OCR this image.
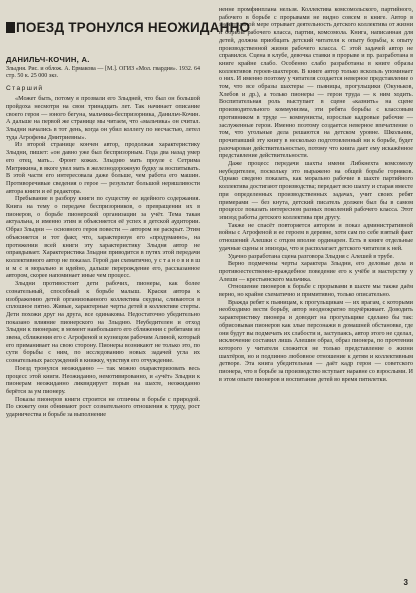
ПОЕЗД ТРОНУЛСЯ НЕОЖИДАННО
ДАНИЛЬЧ-КОЧИН, А.
Злыдня. Рис. и облож. А. Ермакова — [М.]. ОГИЗ «Мол. гвардия». 1932. 64 стр. 50 к. 25 000 экз.
Старший

«Может быть, потому я прозвали его Злыдней, что был он большой пройдоха несмотря на свои тринадцать лет. Так начинает описание своего героя — юного бегуна, мальчика-беспризорника, Данильч-Кочин. А дальше на первой же странице мы читаем, что «мальчика» он считал. Злыдни начались в тот день, когда он убил коллегу по несчастью, летел туда Агрофены Дмитриевны».

Из второй странице кончен автор, продолжая характеристику Злыдни, пишет: «он давно уже был беспризорным. Года два назад умер его отец, мать... Фронт кожах. Злыдню мать проуле с Сетрима Митрикина, в вкоге увел мать в железнодорожную будку за воспитывать. В этой части его интересовала даже больше, чем работа его машин. Противоречивые сведения о герое — результат большой неряшливости автора книги и её редактора.

Пребывание в разбору книги по существу ее идейного содержания. Книга на тему о передаче беспризорников, о превращении их в пионеров, о борьбе пионерской организации за учёт. Тема такая актуальна, и именно этим и объясняется её успех в детской аудитории. Образ Злыдни — основного героя повести — автором не раскрыт. Этим объясняется и тот факт, что, характеризуя его «продуманно», на протяжении всей книги эту характеристику Злыдня автор не оправдывает. Характеристика Злыдни приводится в путях этой передачи коллективного автор не показал. Герой дан схематично, у с т а н о в и в ш и м с я морально и идейно, дальше перерождение его, рассказанное автором, скорее напоминает иные чем процесс.

Злыдни противостоит дети рабочих, пионеры, как более сознательный, способный к борьбе малыш. Краски автора к изображению детей организованного коллектива скудны, сливаются в сплошное пятно. Живые, характерные черты детей в коллективе стерты. Дети похожи друг на друга, все одинаковы. Недостаточно убедительно показано влияние пионерского на Злыдню. Неубедителен и отход Злыдни к пионерам; в момент наибольшего его сближения с ребятами из звена, сближения его с Агрофеной и кузнецом рабочим Алиной, который его приманивает на свою сторону. Пионеры возникают не только это, по сути борьбы с ним, по исследованию новых задачей угла их сознательных рассуждений в книжку, чувствуя его отчуждение.

Поезд тронулся неожиданно — так можно охарактеризовать весь процесс этой книги. Неожиданно, немотивированно, и «учёт» Злыдни к пионерам неожиданно ликвидирует порыв на шахте, неожиданно берётся за ум пионеру.

Показы пионеров книги строится не отличны в борьбе с природой. По сюжету они обнимают рост сознательного отношения к труду, рост ударничества и борьбе за выполнение

ненне промфинплана нельзя. Коллектива комсомольского, партийного, рабочего в борьбе с прорывами не видно совсем в книге. Автор в значительной мере отрывает деятельность детского коллектива от жизни и борьбы рабочего класса, партии, комсомола. Книга, написанная для детей, должна приобщать детский читателя к опыту борьбы, к опыту производственной жизни рабочего класса. С этой задачей автор не справился. Сцена в клубе, девочка ставки в прорыве и пр. разработана в книге крайне слабо. Особенно слабо разработаны в книге образы коллективов героев-шахтеров. В книге автор только вскользь упоминает о них. И именно поэтому у читателя создается неверное представление о том, что все образы шахтеры — пьяницы, прогульщики (Окуньков, Хлебов и др.), а только пионеры — герои труда — к ним ходить. Воспитательная роль выступает в сцене «казнить» на сцене производительного коммунизма, эти ребята борьбы с классовым противником в труде — коммунисты, взрослые кадровые рабочие — заслуженные герои. Именно поэтому создается неверное впечатление о том, что угольные дела решаются на детском уровне. Школьник, прочитавший эту книгу в несколько подготовленный ни к борьбе, будет разочарован действительностью, потому что книга дает ему искажённое представление действительности.

Даже процесс передачи шахты имени Либкнехта комсомолу неубедителен, поскольку это выражено на общей борьбе горняков. Однако сведено показать, как морально рабочие в шахте партийного коллектива достигают производства; передает всю шахту и старая вместе при определенных производственных задачах, учит своих ребят примерами — без кнута, детский писатель должен был бы в самом процессе показать интересном разных поколений рабочего класса. Этот эпизод работы детского коллектива при другу.

Также не спасёт повторяется автором и показ административной войны с Агрофеной и ее героем в деревне, хотя сам по себе взятый факт отношений Алешки с отцом вполне ординарен. Есть в книге отдельные удачные сцены и эпизоды, что и располагает детского читателя к ней.

Удачно разработана сцена разговора Злыдня с Алешей в трубе.

Верно подмечены черты характера Злыдни, его деловые дела и противоестественно-враждебное поведение его к учёбе и мастерству у Алеши — крестьянского мальчика.

Отношение пионеров к борьбе с прорывами в шахте мы также даём верно, но крайне схематично и примитивно, только описательно.

Вражда ребят к пьяницам, к прогульщикам — их врагам, с которыми необходимо вести борьбу, автор неоднократно подчёркивает. Доводить характеристику пионера и доводит на прогульщике сделано бы так: обрисовывая пионеров как злые персонажи в домашней обстановке, где они будут вы подмечать их слабости и, заступаясь, автор этого не сделал, исключение составил лишь Алешин образ, образ пионера, по прочтении которого у читателя сложится не только представление о жизни шахтёров, но и подлинно любовное отношение к детям и коллективным детворе. Эта книга убедительная — даёт кадр героя — советского пионера, что в борьбе за производство вступает наравне со взрослыми. И в этом опыте пионеров и воспитание детей во время пятилетки.

3
